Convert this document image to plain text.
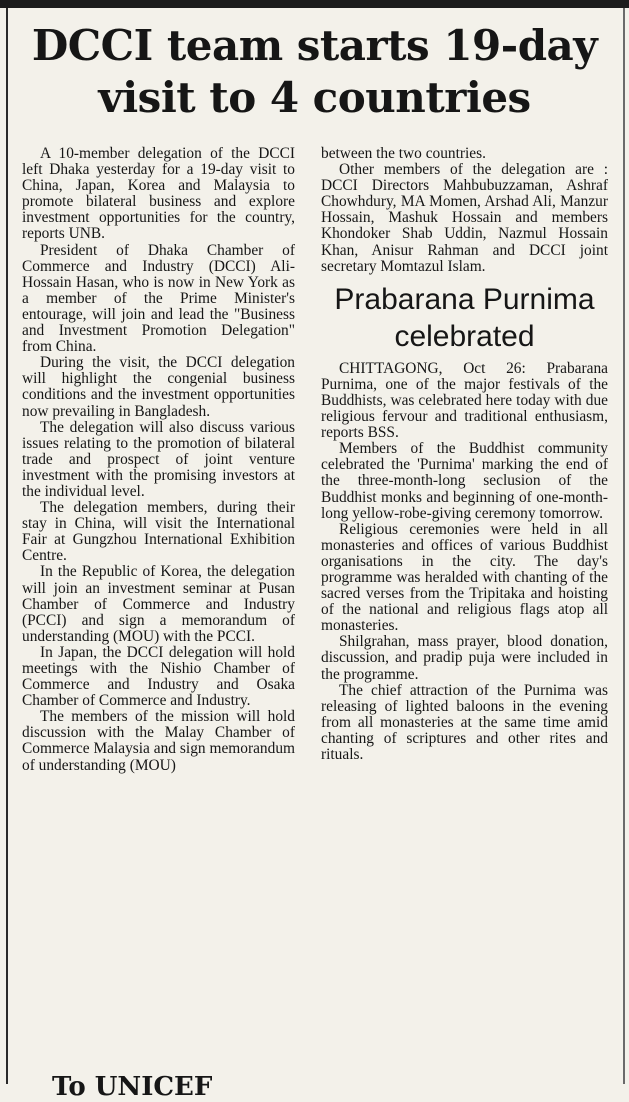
DCCI team starts 19-day visit to 4 countries

A 10-member delegation of the DCCI left Dhaka yesterday for a 19-day visit to China, Japan, Korea and Malaysia to promote bilateral business and explore investment opportunities for the country, reports UNB.

President of Dhaka Chamber of Commerce and Industry (DCCI) Ali-Hossain Hasan, who is now in New York as a member of the Prime Minister's entourage, will join and lead the "Business and Investment Promotion Delegation" from China.

During the visit, the DCCI delegation will highlight the congenial business conditions and the investment opportunities now prevailing in Bangladesh.

The delegation will also discuss various issues relating to the promotion of bilateral trade and prospect of joint venture investment with the promising investors at the individual level.

The delegation members, during their stay in China, will visit the International Fair at Gungzhou International Exhibition Centre.

In the Republic of Korea, the delegation will join an investment seminar at Pusan Chamber of Commerce and Industry (PCCI) and sign a memorandum of understanding (MOU) with the PCCI.

In Japan, the DCCI delegation will hold meetings with the Nishio Chamber of Commerce and Industry and Osaka Chamber of Commerce and Industry.

The members of the mission will hold discussion with the Malay Chamber of Commerce Malaysia and sign memorandum of understanding (MOU)

between the two countries.

Other members of the delegation are : DCCI Directors Mahbubuzzaman, Ashraf Chowhdury, MA Momen, Arshad Ali, Manzur Hossain, Mashuk Hossain and members Khondoker Shab Uddin, Nazmul Hossain Khan, Anisur Rahman and DCCI joint secretary Momtazul Islam.

Prabarana Purnima celebrated

CHITTAGONG, Oct 26: Prabarana Purnima, one of the major festivals of the Buddhists, was celebrated here today with due religious fervour and traditional enthusiasm, reports BSS.

Members of the Buddhist community celebrated the 'Purnima' marking the end of the three-month-long seclusion of the Buddhist monks and beginning of one-month-long yellow-robe-giving ceremony tomorrow.

Religious ceremonies were held in all monasteries and offices of various Buddhist organisations in the city. The day's programme was heralded with chanting of the sacred verses from the Tripitaka and hoisting of the national and religious flags atop all monasteries.

Shilgrahan, mass prayer, blood donation, discussion, and pradip puja were included in the programme.

The chief attraction of the Purnima was releasing of lighted baloons in the evening from all monasteries at the same time amid chanting of scriptures and other rites and rituals.

To UNICEF
